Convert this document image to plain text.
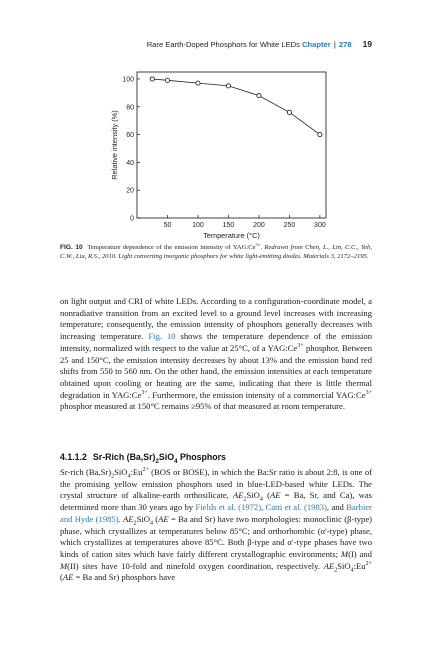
Rare Earth-Doped Phosphors for White LEDs Chapter | 278 19
0
20
40
60
80
100
50	100	150	200	250	300
Relative intensity (%)
Temperature (°C)
FIG. 10 Temperature dependence of the emission intensity of $YAG:Ce^{3+}$. Redrawn from Chen, L., Lin, C.C., Yeh, C.W., Liu, R.S., 2010. Light converting inorganic phosphors for white light-emitting diodes. Materials 3, 2172–2195.

on light output and CRI of white LEDs. According to a configuration-coordinate model, a nonradiative transition from an excited level to a ground level increases with increasing temperature; consequently, the emission intensity of phosphors generally decreases with increasing temperature. Fig. 10 shows the temperature dependence of the emission intensity, normalized with respect to the value at 25°C, of a $YAG:Ce^{3+}$ phosphor. Between 25 and 150°C, the emission intensity decreases by about 13% and the emission band red shifts from 550 to 560 nm. On the other hand, the emission intensities at each temperature obtained upon cooling or heating are the same, indicating that there is little thermal degradation in $YAG:Ce^{3+}$. Furthermore, the emission intensity of a commercial $YAG:Ce^{3+}$ phosphor measured at 150°C remains ≥95% of that measured at room temperature.

4.1.1.2 Sr-Rich $(Ba,Sr)_2SiO_4$ Phosphors

Sr-rich $(Ba,Sr)_2SiO_4:Eu^{2+}$ (BOS or BOSE), in which the Ba:Sr ratio is about 2:8, is one of the promising yellow emission phosphors used in blue-LED-based white LEDs. The crystal structure of alkaline-earth orthosilicate, $AE_2SiO_4$ (AE = Ba, Sr, and Ca), was determined more than 30 years ago by Fields et al. (1972), Catti et al. (1983), and Barbier and Hyde (1985). $AE_2SiO_4$ (AE = Ba and Sr) have two morphologies: monoclinic (β-type) phase, which crystallizes at temperatures below 85°C; and orthorhombic (α′-type) phase, which crystallizes at temperatures above 85°C. Both β-type and α′-type phases have two kinds of cation sites which have fairly different crystallographic environments; M(I) and M(II) sites have 10-fold and ninefold oxygen coordination, respectively. $AE_2SiO_4:Eu^{2+}$ (AE = Ba and Sr) phosphors have
